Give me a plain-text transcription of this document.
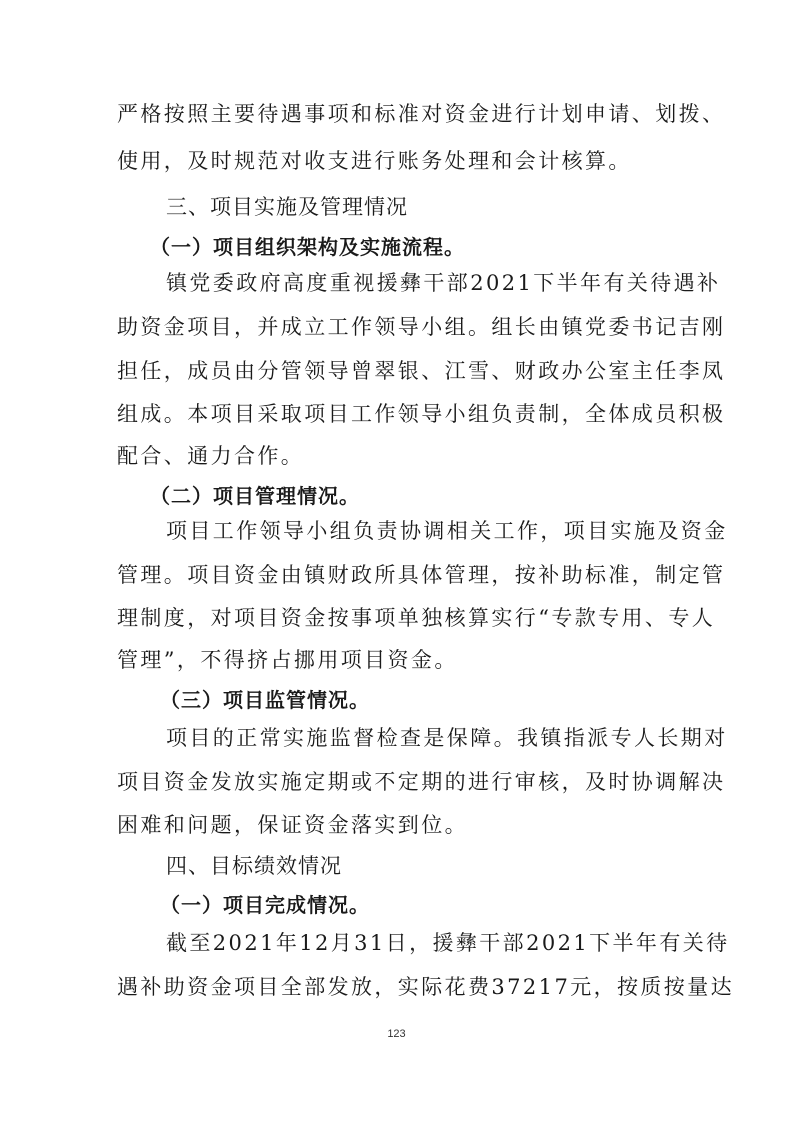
严格按照主要待遇事项和标准对资金进行计划申请、划拨、
使用，及时规范对收支进行账务处理和会计核算。
三、项目实施及管理情况
（一）项目组织架构及实施流程。
镇党委政府高度重视援彝干部2021下半年有关待遇补
助资金项目，并成立工作领导小组。组长由镇党委书记吉刚
担任，成员由分管领导曾翠银、江雪、财政办公室主任李凤
组成。本项目采取项目工作领导小组负责制，全体成员积极
配合、通力合作。
（二）项目管理情况。
项目工作领导小组负责协调相关工作，项目实施及资金
管理。项目资金由镇财政所具体管理，按补助标准，制定管
理制度，对项目资金按事项单独核算实行“专款专用、专人
管理”，不得挤占挪用项目资金。
（三）项目监管情况。
项目的正常实施监督检查是保障。我镇指派专人长期对
项目资金发放实施定期或不定期的进行审核，及时协调解决
困难和问题，保证资金落实到位。
四、目标绩效情况
（一）项目完成情况。
截至2021年12月31日，援彝干部2021下半年有关待
遇补助资金项目全部发放，实际花费37217元，按质按量达
123
